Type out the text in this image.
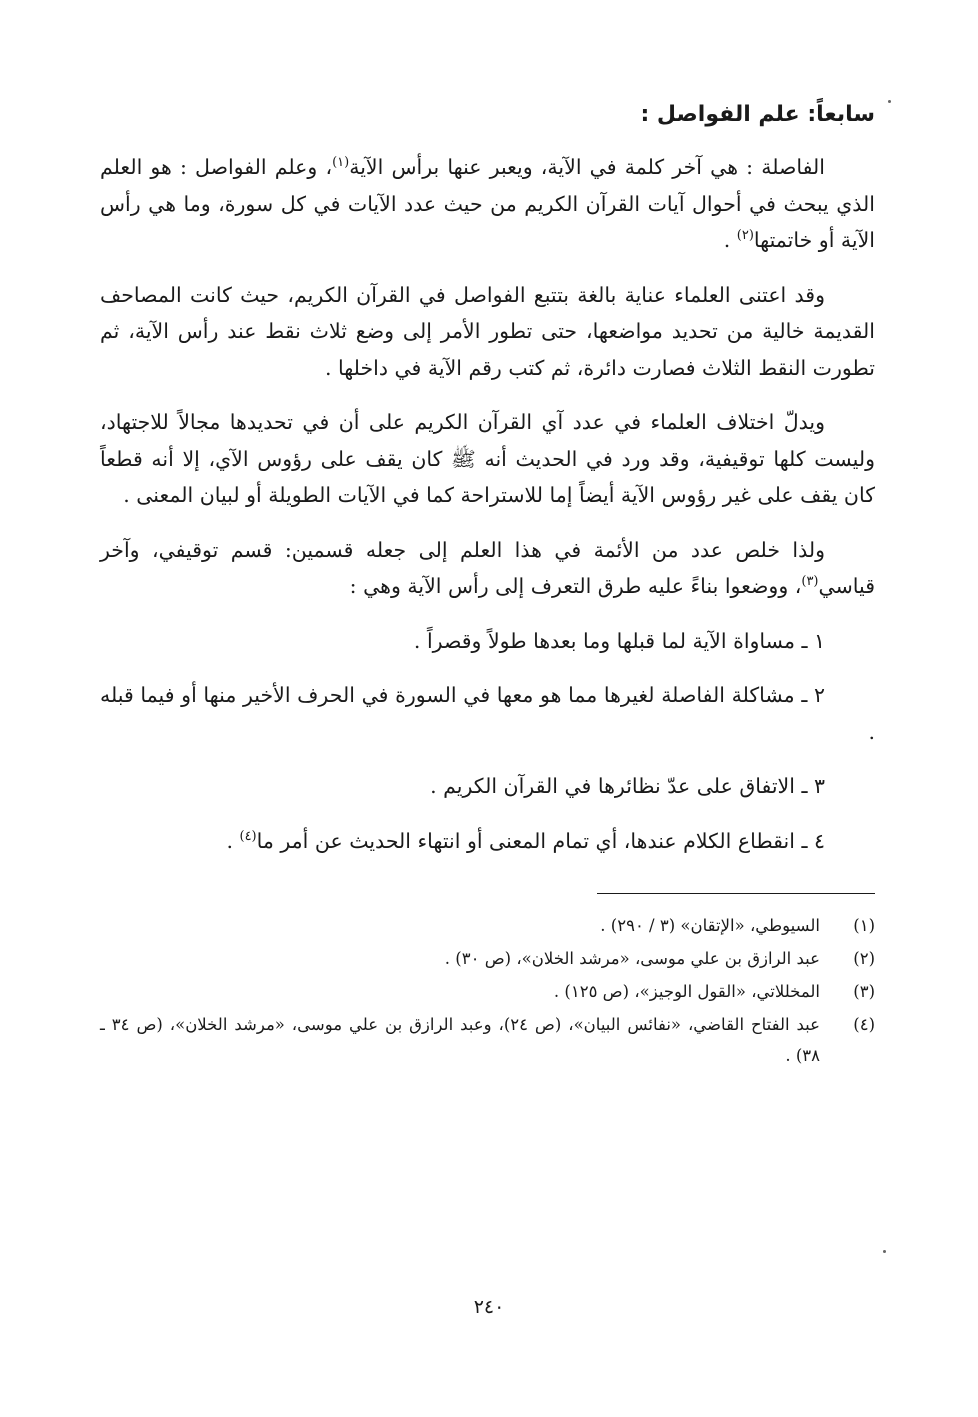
سابعاً: علم الفواصل :

الفاصلة : هي آخر كلمة في الآية، ويعبر عنها برأس الآية$^{(١)}$، وعلم الفواصل : هو العلم الذي يبحث في أحوال آيات القرآن الكريم من حيث عدد الآيات في كل سورة، وما هي رأس الآية أو خاتمتها$^{(٢)}$ .

وقد اعتنى العلماء عناية بالغة بتتبع الفواصل في القرآن الكريم، حيث كانت المصاحف القديمة خالية من تحديد مواضعها، حتى تطور الأمر إلى وضع ثلاث نقط عند رأس الآية، ثم تطورت النقط الثلاث فصارت دائرة، ثم كتب رقم الآية في داخلها .

ويدلّ اختلاف العلماء في عدد آي القرآن الكريم على أن في تحديدها مجالاً للاجتهاد، وليست كلها توقيفية، وقد ورد في الحديث أنه ﷺ كان يقف على رؤوس الآي، إلا أنه قطعاً كان يقف على غير رؤوس الآية أيضاً إما للاستراحة كما في الآيات الطويلة أو لبيان المعنى .

ولذا خلص عدد من الأئمة في هذا العلم إلى جعله قسمين: قسم توقيفي، وآخر قياسي$^{(٣)}$، ووضعوا بناءً عليه طرق التعرف إلى رأس الآية وهي :

١ ـ مساواة الآية لما قبلها وما بعدها طولاً وقصراً .

٢ ـ مشاكلة الفاصلة لغيرها مما هو معها في السورة في الحرف الأخير منها أو فيما قبله .

٣ ـ الاتفاق على عدّ نظائرها في القرآن الكريم .

٤ ـ انقطاع الكلام عندها، أي تمام المعنى أو انتهاء الحديث عن أمر ما$^{(٤)}$ .

(١)
السيوطي، «الإتقان» (٣ / ٢٩٠) .
(٢)
عبد الرازق بن علي موسى، «مرشد الخلان»، (ص ٣٠) .
(٣)
المخللاتي، «القول الوجيز»، (ص ١٢٥) .
(٤)
عبد الفتاح القاضي، «نفائس البيان»، (ص ٢٤)، وعبد الرازق بن علي موسى، «مرشد الخلان»، (ص ٣٤ ـ ٣٨) .
٢٤٠
